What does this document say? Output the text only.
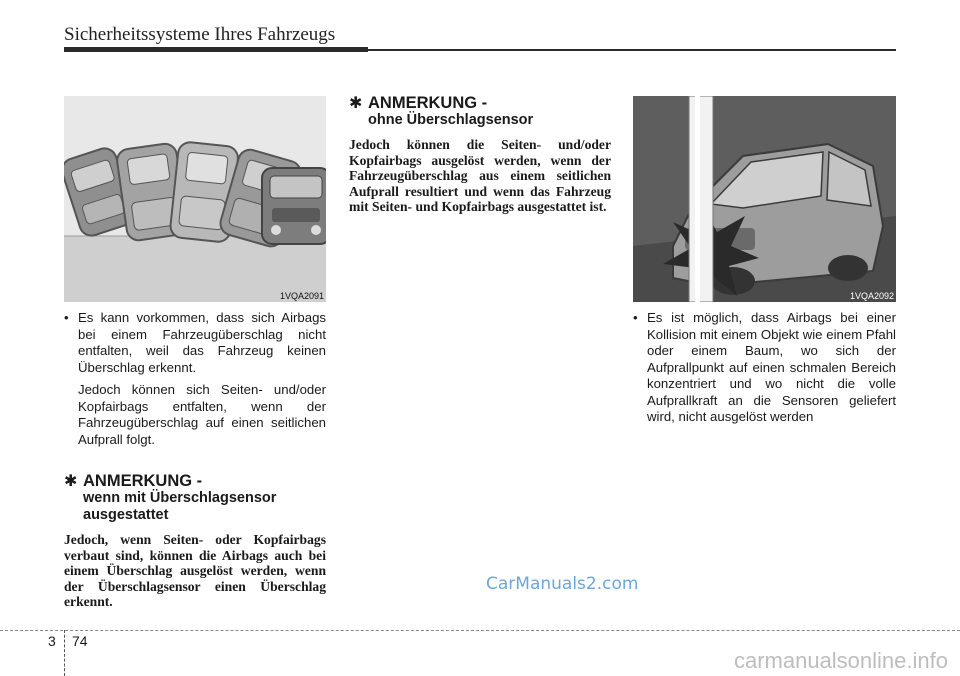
Sicherheitssysteme Ihres Fahrzeugs
1VQA2091	1VQA2092
• Es kann vorkommen, dass sich Airbags bei einem Fahrzeugüberschlag nicht entfalten, weil das Fahrzeug keinen Überschlag erkennt.

Jedoch können sich Seiten- und/oder Kopfairbags entfalten, wenn der Fahrzeugüberschlag auf einen seitlichen Aufprall folgt.

✱ ANMERKUNG -
wenn mit Überschlagsensor
ausgestattet
Jedoch, wenn Seiten- oder Kopfairbags verbaut sind, können die Airbags auch bei einem Überschlag ausgelöst werden, wenn der Überschlagsensor einen Überschlag erkennt.
✱ ANMERKUNG -
ohne Überschlagsensor
Jedoch können die Seiten- und/oder Kopfairbags ausgelöst werden, wenn der Fahrzeugüberschlag aus einem seitlichen Aufprall resultiert und wenn das Fahrzeug mit Seiten- und Kopfairbags ausgestattet ist.
• Es ist möglich, dass Airbags bei einer Kollision mit einem Objekt wie einem Pfahl oder einem Baum, wo sich der Aufprallpunkt auf einen schmalen Bereich konzentriert und wo nicht die volle Aufprallkraft an die Sensoren geliefert wird, nicht ausgelöst werden
CarManuals2.com
3 74
carmanualsonline.info
